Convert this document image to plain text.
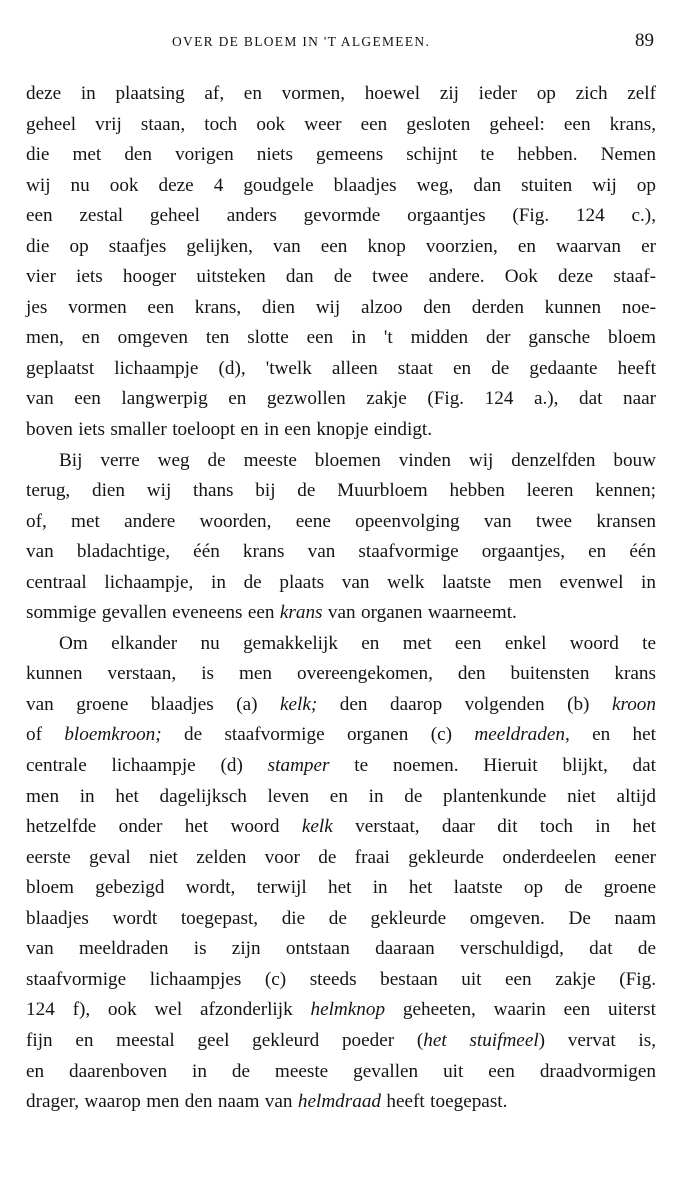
OVER DE BLOEM IN 'T ALGEMEEN.	89
deze in plaatsing af, en vormen, hoewel zij ieder op zich zelf
geheel vrij staan, toch ook weer een gesloten geheel: een krans,
die met den vorigen niets gemeens schijnt te hebben. Nemen
wij nu ook deze 4 goudgele blaadjes weg, dan stuiten wij op
een zestal geheel anders gevormde orgaantjes (Fig. 124 c.),
die op staafjes gelijken, van een knop voorzien, en waarvan er
vier iets hooger uitsteken dan de twee andere. Ook deze staaf-
jes vormen een krans, dien wij alzoo den derden kunnen noe-
men, en omgeven ten slotte een in 't midden der gansche bloem
geplaatst lichaampje (d), 'twelk alleen staat en de gedaante heeft
van een langwerpig en gezwollen zakje (Fig. 124 a.), dat naar
boven iets smaller toeloopt en in een knopje eindigt.
Bij verre weg de meeste bloemen vinden wij denzelfden bouw
terug, dien wij thans bij de Muurbloem hebben leeren kennen;
of, met andere woorden, eene opeenvolging van twee kransen
van bladachtige, één krans van staafvormige orgaantjes, en één
centraal lichaampje, in de plaats van welk laatste men evenwel in
sommige gevallen eveneens een krans van organen waarneemt.
Om elkander nu gemakkelijk en met een enkel woord te
kunnen verstaan, is men overeengekomen, den buitensten krans
van groene blaadjes (a) kelk; den daarop volgenden (b) kroon
of bloemkroon; de staafvormige organen (c) meeldraden, en het
centrale lichaampje (d) stamper te noemen. Hieruit blijkt, dat
men in het dagelijksch leven en in de plantenkunde niet altijd
hetzelfde onder het woord kelk verstaat, daar dit toch in het
eerste geval niet zelden voor de fraai gekleurde onderdeelen eener
bloem gebezigd wordt, terwijl het in het laatste op de groene
blaadjes wordt toegepast, die de gekleurde omgeven. De naam
van meeldraden is zijn ontstaan daaraan verschuldigd, dat de
staafvormige lichaampjes (c) steeds bestaan uit een zakje (Fig.
124 f), ook wel afzonderlijk helmknop geheeten, waarin een uiterst
fijn en meestal geel gekleurd poeder (het stuifmeel) vervat is,
en daarenboven in de meeste gevallen uit een draadvormigen
drager, waarop men den naam van helmdraad heeft toegepast.
